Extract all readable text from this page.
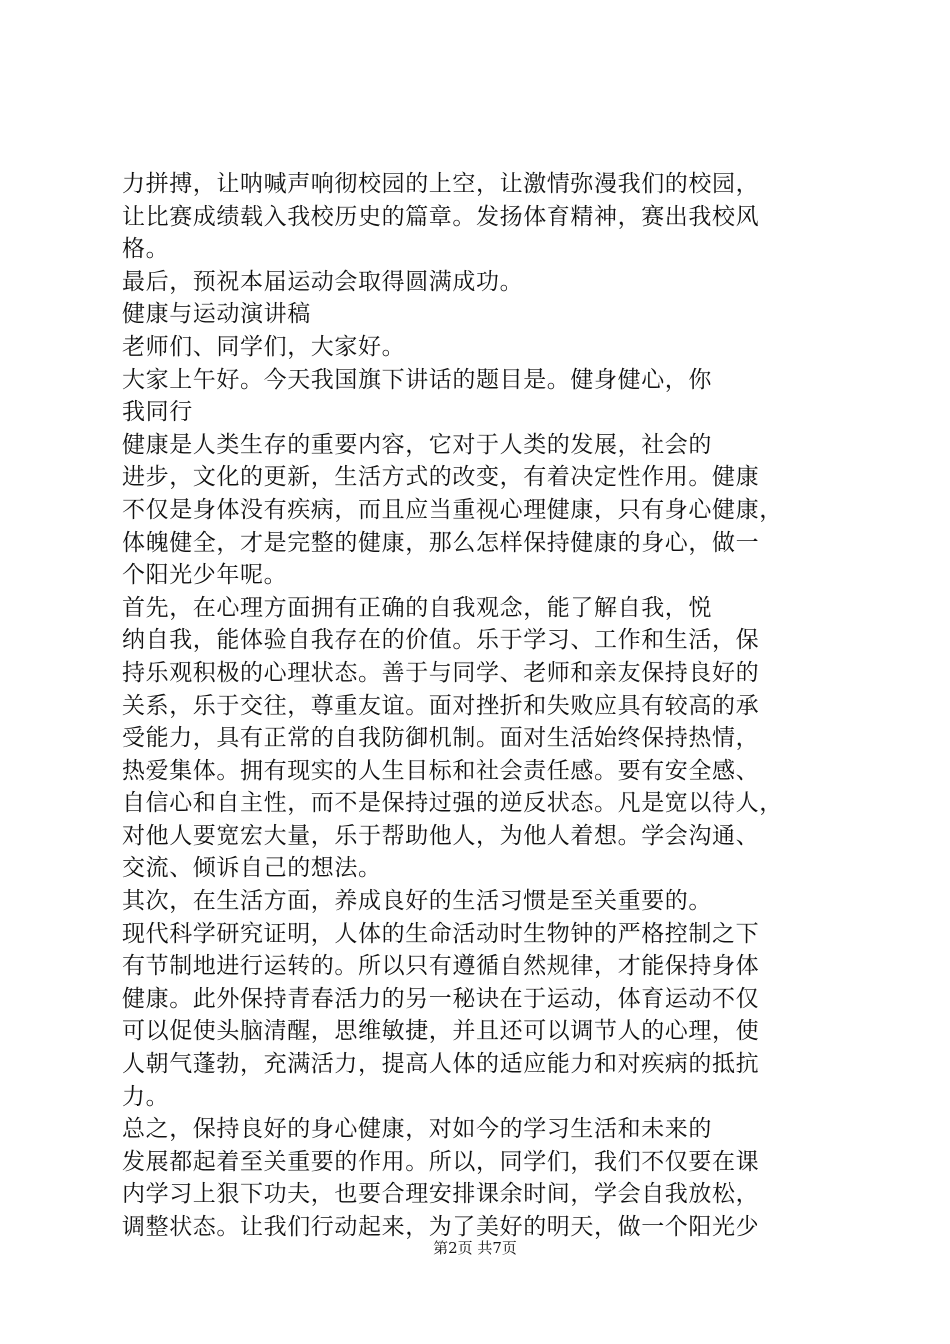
力拼搏，让呐喊声响彻校园的上空，让激情弥漫我们的校园，
让比赛成绩载入我校历史的篇章。发扬体育精神，赛出我校风
格。
最后，预祝本届运动会取得圆满成功。
健康与运动演讲稿
老师们、同学们，大家好。
大家上午好。今天我国旗下讲话的题目是。健身健心，你
我同行
健康是人类生存的重要内容，它对于人类的发展，社会的
进步，文化的更新，生活方式的改变，有着决定性作用。健康
不仅是身体没有疾病，而且应当重视心理健康，只有身心健康，
体魄健全，才是完整的健康，那么怎样保持健康的身心，做一
个阳光少年呢。
首先，在心理方面拥有正确的自我观念，能了解自我，悦
纳自我，能体验自我存在的价值。乐于学习、工作和生活，保
持乐观积极的心理状态。善于与同学、老师和亲友保持良好的
关系，乐于交往，尊重友谊。面对挫折和失败应具有较高的承
受能力，具有正常的自我防御机制。面对生活始终保持热情，
热爱集体。拥有现实的人生目标和社会责任感。要有安全感、
自信心和自主性，而不是保持过强的逆反状态。凡是宽以待人，
对他人要宽宏大量，乐于帮助他人，为他人着想。学会沟通、
交流、倾诉自己的想法。
其次，在生活方面，养成良好的生活习惯是至关重要的。
现代科学研究证明，人体的生命活动时生物钟的严格控制之下
有节制地进行运转的。所以只有遵循自然规律，才能保持身体
健康。此外保持青春活力的另一秘诀在于运动，体育运动不仅
可以促使头脑清醒，思维敏捷，并且还可以调节人的心理，使
人朝气蓬勃，充满活力，提高人体的适应能力和对疾病的抵抗
力。
总之，保持良好的身心健康，对如今的学习生活和未来的
发展都起着至关重要的作用。所以，同学们，我们不仅要在课
内学习上狠下功夫，也要合理安排课余时间，学会自我放松，
调整状态。让我们行动起来，为了美好的明天，做一个阳光少
第2页 共7页
